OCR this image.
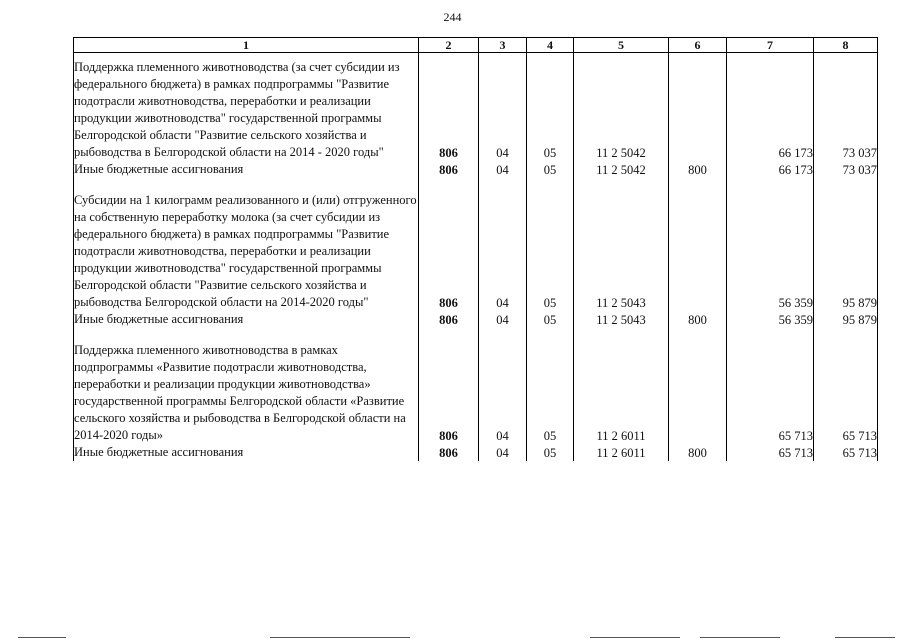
244
1	2	3	4	5	6	7	8

Поддержка племенного животноводства (за счет субсидии из федерального бюджета) в рамках подпрограммы "Развитие подотрасли животноводства, переработки и реализации продукции животноводства" государственной программы Белгородской области "Развитие сельского хозяйства и рыбоводства в Белгородской области на 2014 - 2020 годы"	806	04	05	11 2 5042		66 173	73 037
Иные бюджетные ассигнования	806	04	05	11 2 5042	800	66 173	73 037

Субсидии на 1 килограмм реализованного и (или) отгруженного на собственную переработку молока (за счет субсидии из федерального бюджета) в рамках подпрограммы "Развитие подотрасли животноводства, переработки и реализации продукции животноводства" государственной программы Белгородской области "Развитие сельского хозяйства и рыбоводства Белгородской области на 2014-2020 годы"	806	04	05	11 2 5043		56 359	95 879
Иные бюджетные ассигнования	806	04	05	11 2 5043	800	56 359	95 879

Поддержка племенного животноводства в рамках подпрограммы «Развитие подотрасли животноводства, переработки и реализации продукции животноводства» государственной программы Белгородской области «Развитие сельского хозяйства и рыбоводства в Белгородской области на 2014-2020 годы»	806	04	05	11 2 6011		65 713	65 713
Иные бюджетные ассигнования	806	04	05	11 2 6011	800	65 713	65 713
